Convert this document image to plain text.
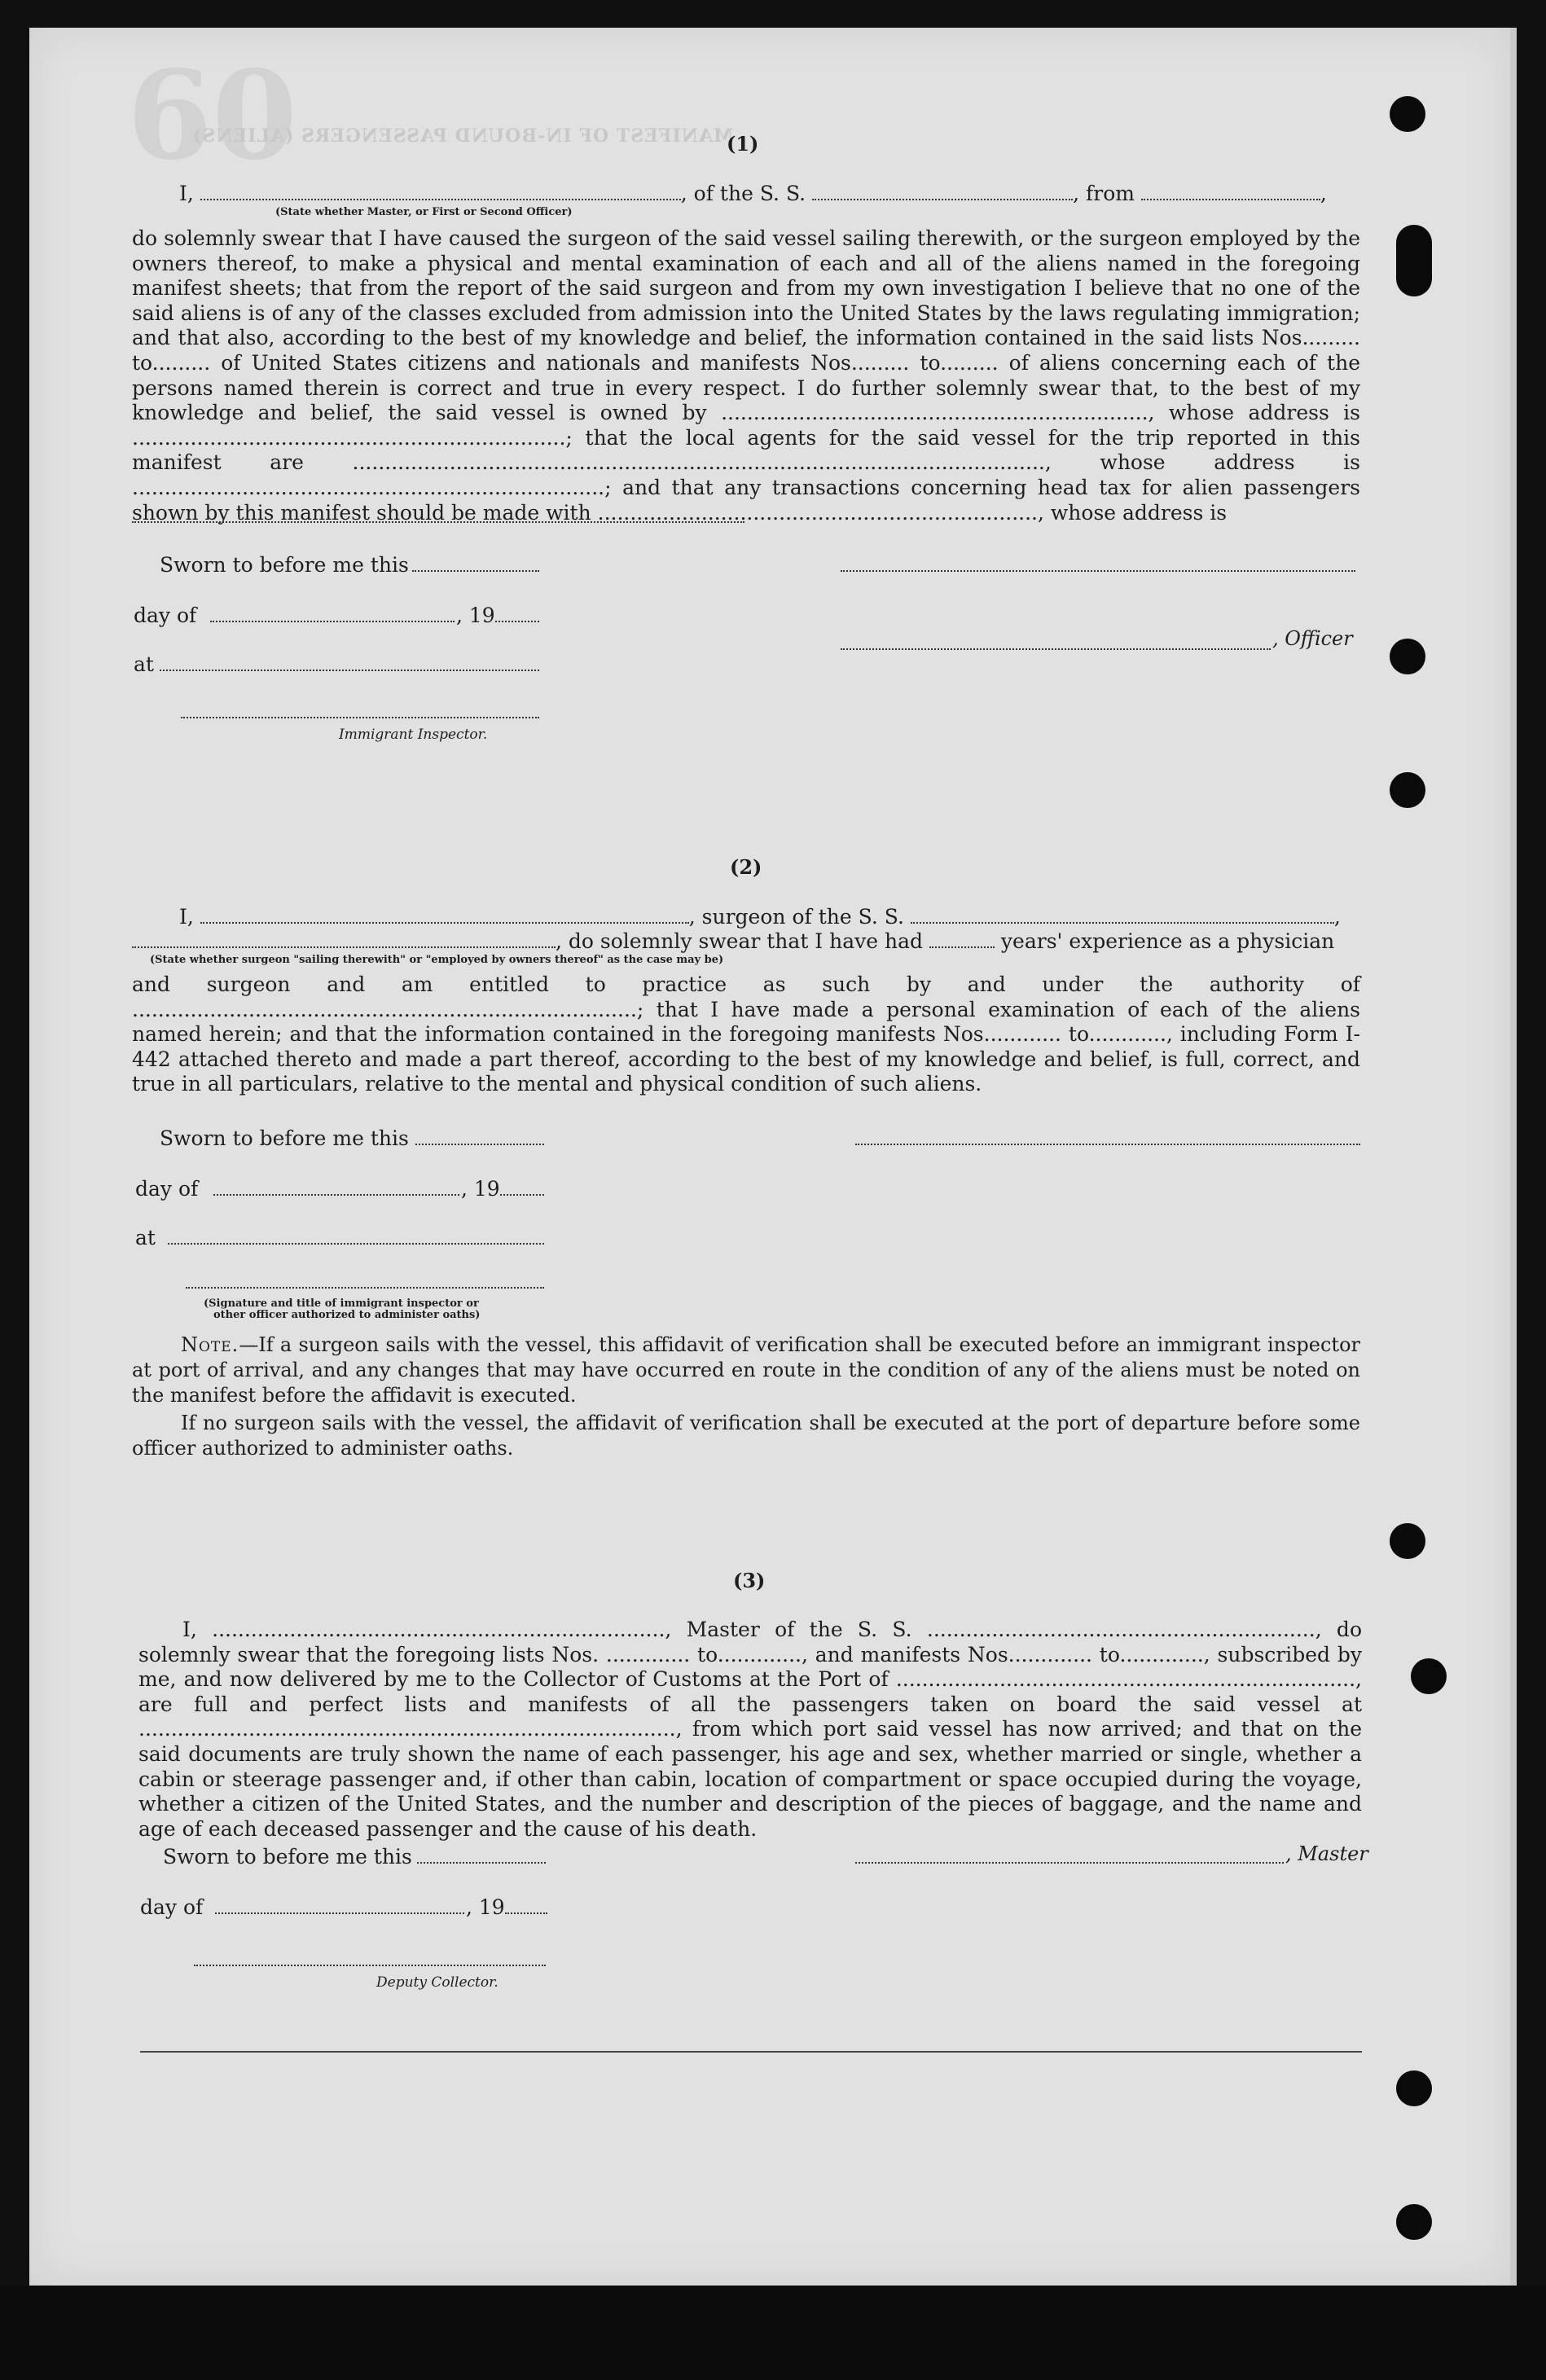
60
MANIFEST OF IN-BOUND PASSENGERS (ALIENS)
(1)
I,	, of the S. S.	, from	,
(State whether Master, or First or Second Officer)
do solemnly swear that I have caused the surgeon of the said vessel sailing therewith, or the surgeon employed by the owners thereof, to make a physical and mental examination of each and all of the aliens named in the foregoing manifest sheets; that from the report of the said surgeon and from my own investigation I believe that no one of the said aliens is of any of the classes excluded from admission into the United States by the laws regulating immigration; and that also, according to the best of my knowledge and belief, the information contained in the said lists Nos......... to......... of United States citizens and nationals and manifests Nos......... to......... of aliens concerning each of the persons named therein is correct and true in every respect. I do further solemnly swear that, to the best of my knowledge and belief, the said vessel is owned by .................................................................., whose address is ...................................................................; that the local agents for the said vessel for the trip reported in this manifest are ..........................................................................................................., whose address is .........................................................................; and that any transactions concerning head tax for alien passengers shown by this manifest should be made with ...................................................................., whose address is
Sworn to before me this
day of	, 19
, Officer
at
Immigrant Inspector.
(2)
I,	, surgeon of the S. S.	,
, do solemnly swear that I have had	years' experience as a physician
(State whether surgeon "sailing therewith" or "employed by owners thereof" as the case may be)
and surgeon and am entitled to practice as such by and under the authority of ..............................................................................; that I have made a personal examination of each of the aliens named herein; and that the information contained in the foregoing manifests Nos............ to............, including Form I-442 attached thereto and made a part thereof, according to the best of my knowledge and belief, is full, correct, and true in all particulars, relative to the mental and physical condition of such aliens.
Sworn to before me this
day of	, 19
at
(Signature and title of immigrant inspector or
other officer authorized to administer oaths)
Note.—If a surgeon sails with the vessel, this affidavit of verification shall be executed before an immigrant inspector at port of arrival, and any changes that may have occurred en route in the condition of any of the aliens must be noted on the manifest before the affidavit is executed.
If no surgeon sails with the vessel, the affidavit of verification shall be executed at the port of departure before some officer authorized to administer oaths.
(3)
I, ......................................................................, Master of the S. S. ............................................................, do solemnly swear that the foregoing lists Nos. ............. to............., and manifests Nos............. to............., subscribed by me, and now delivered by me to the Collector of Customs at the Port of ......................................................................., are full and perfect lists and manifests of all the passengers taken on board the said vessel at ..................................................................................., from which port said vessel has now arrived; and that on the said documents are truly shown the name of each passenger, his age and sex, whether married or single, whether a cabin or steerage passenger and, if other than cabin, location of compartment or space occupied during the voyage, whether a citizen of the United States, and the number and description of the pieces of baggage, and the name and age of each deceased passenger and the cause of his death.
Sworn to before me this	, Master
day of	, 19
Deputy Collector.
